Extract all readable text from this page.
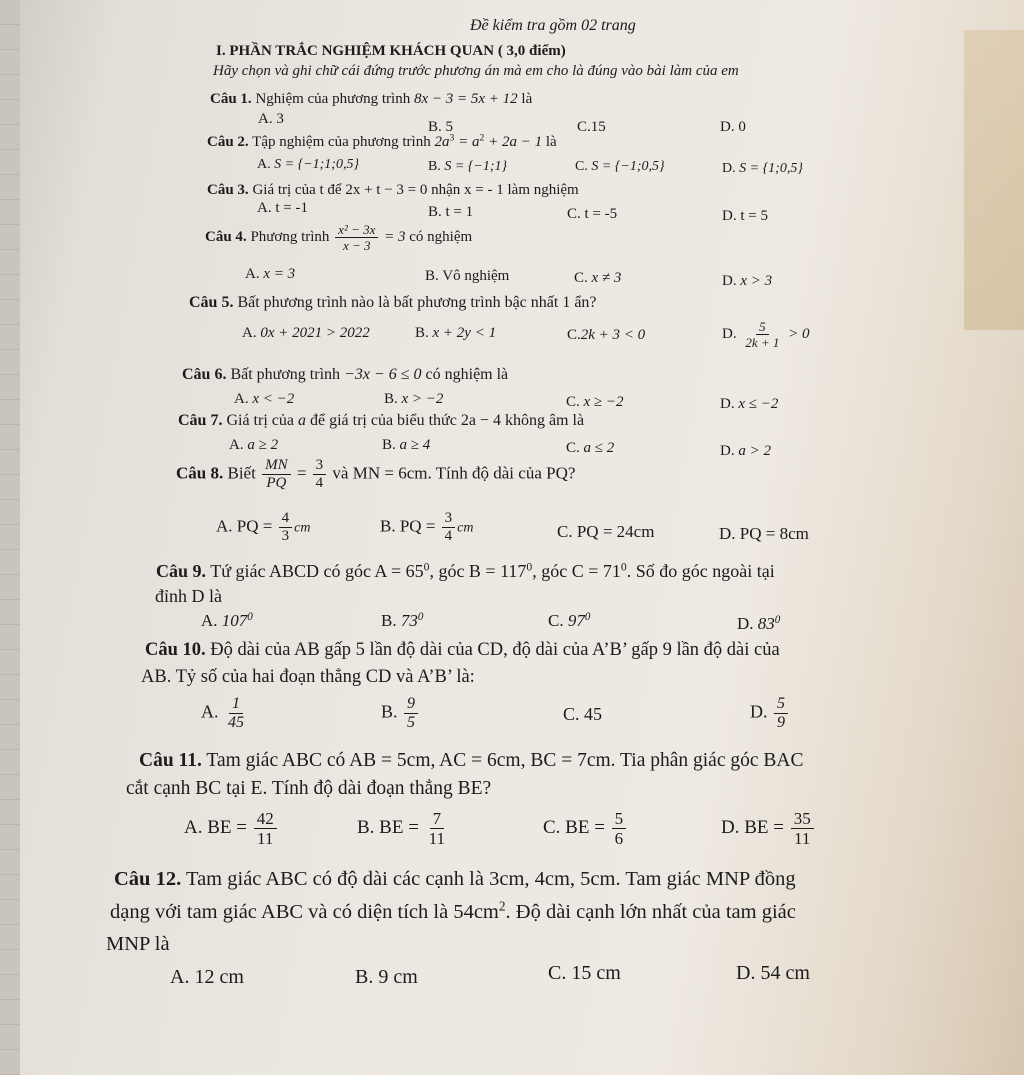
Đề kiểm tra gồm 02 trang
I. PHẦN TRẮC NGHIỆM KHÁCH QUAN ( 3,0 điểm)
Hãy chọn và ghi chữ cái đứng trước phương án mà em cho là đúng vào bài làm của em
Câu 1. Nghiệm của phương trình 8x − 3 = 5x + 12 là
A. 3	B. 5	C.15	D. 0
Câu 2. Tập nghiệm của phương trình $2a^3 = a^2 + 2a - 1$ là
A. S = {−1;1;0,5}	B. S = {−1;1}	C. S = {−1;0,5}	D. S = {1;0,5}
Câu 3. Giá trị của t để 2x + t − 3 = 0 nhận x = - 1 làm nghiệm
A. t = -1	B. t = 1	C. t = -5	D. t = 5
Câu 4. Phương trình $\frac{\text{x² − 3x}}{x - 3} = 3$ có nghiệm
A. x = 3	B. Vô nghiệm	C. x ≠ 3	D. x > 3
Câu 5. Bất phương trình nào là bất phương trình bậc nhất 1 ẩn?
A. 0x + 2021 > 2022	B. x + 2y < 1	C.2k + 3 < 0	D. $\frac{5}{2k + 1} > 0$
Câu 6. Bất phương trình −3x − 6 ≤ 0 có nghiệm là
A. x < −2	B. x > −2	C. x ≥ −2	D. x ≤ −2
Câu 7. Giá trị của a để giá trị của biểu thức 2a − 4 không âm là
A. a ≥ 2	B. a ≥ 4	C. a ≤ 2	D. a > 2
Câu 8. Biết $\frac{MN}{PQ} = \frac{3}{4}$ và MN = 6cm. Tính độ dài của PQ?
A. PQ = $\frac{4}{3}$ cm	B. PQ = $\frac{3}{4}$ cm	C. PQ = 24cm	D. PQ = 8cm
Câu 9. Tứ giác ABCD có góc $A = 65^0$, góc $B = 117^0$, góc $C = 71^0$. Số đo góc ngoài tại
đỉnh D là
A. $107^0$	B. $73^0$	C. $97^0$	D. $83^0$
Câu 10. Độ dài của AB gấp 5 lần độ dài của CD, độ dài của A’B’ gấp 9 lần độ dài của
AB. Tỷ số của hai đoạn thẳng CD và A’B’ là:
A. $\frac{1}{45}$	B. $\frac{9}{5}$	C. 45	D. $\frac{5}{9}$
Câu 11. Tam giác ABC có AB = 5cm, AC = 6cm, BC = 7cm. Tia phân giác góc BAC
cắt cạnh BC tại E. Tính độ dài đoạn thẳng BE?
A. BE = $\frac{42}{11}$	B. BE = $\frac{7}{11}$	C. BE = $\frac{5}{6}$	D. BE = $\frac{35}{11}$
Câu 12. Tam giác ABC có độ dài các cạnh là 3cm, 4cm, 5cm. Tam giác MNP đồng
dạng với tam giác ABC và có diện tích là $54cm^2$. Độ dài cạnh lớn nhất của tam giác
MNP là
A. 12 cm	B. 9 cm	C. 15 cm	D. 54 cm
